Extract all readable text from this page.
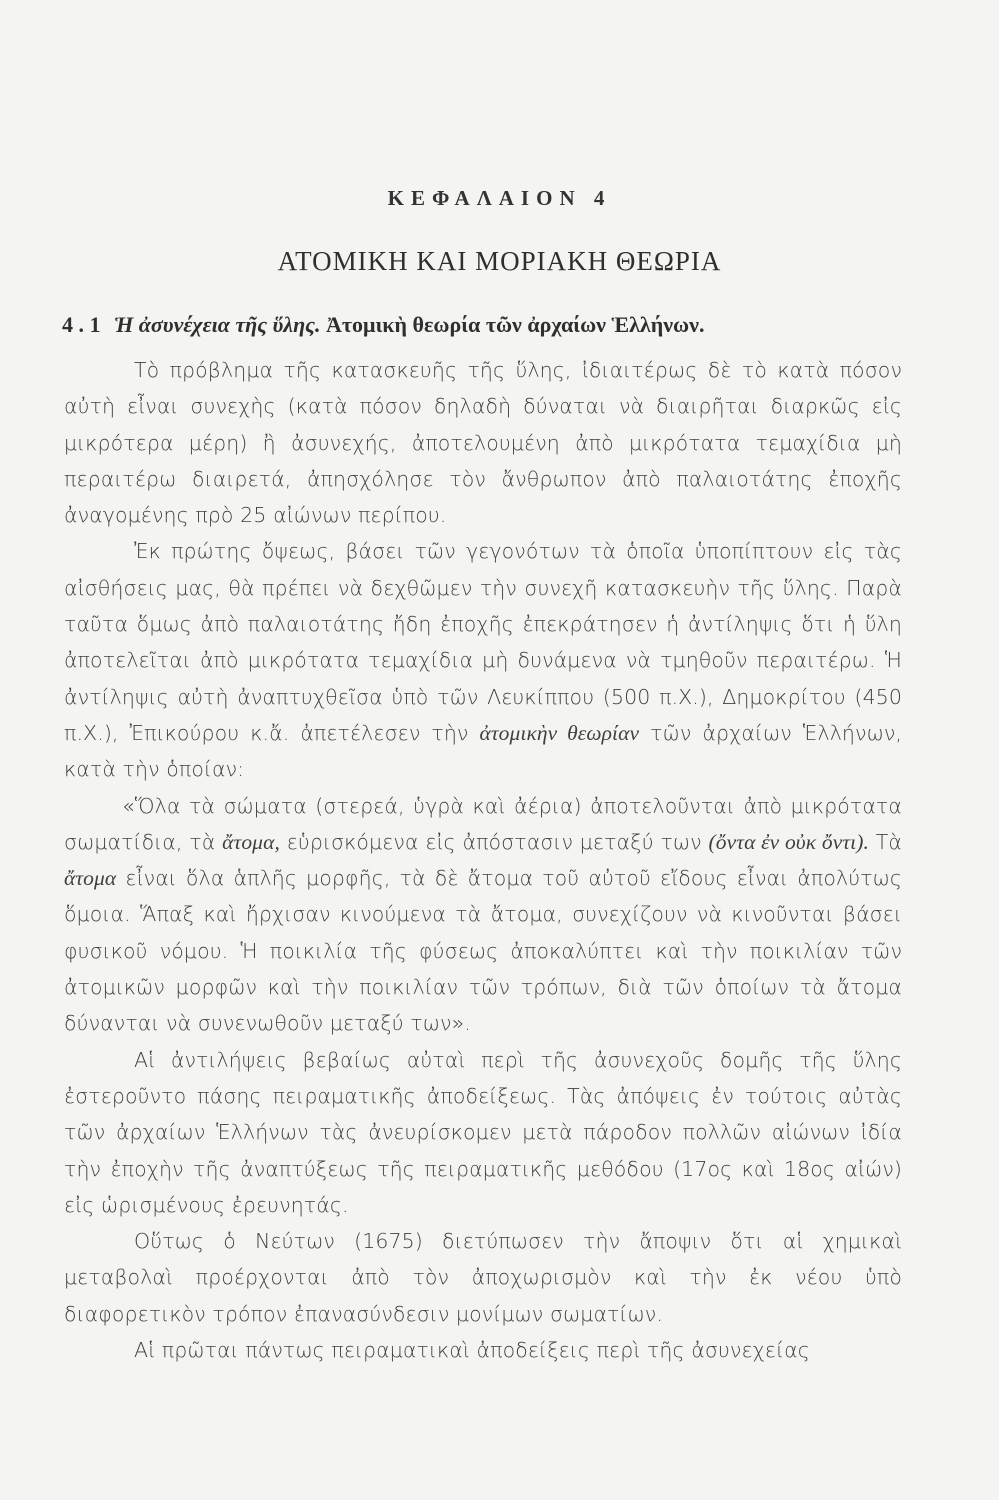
ΚΕΦΑΛΑΙΟΝ 4
ΑΤΟΜΙΚΗ ΚΑΙ ΜΟΡΙΑΚΗ ΘΕΩΡΙΑ
4 . 1 Ἡ ἀσυνέχεια τῆς ὕλης. Ἀτομικὴ θεωρία τῶν ἀρχαίων Ἑλλήνων.

Τὸ πρόβλημα τῆς κατασκευῆς τῆς ὕλης, ἰδιαιτέρως δὲ τὸ κατὰ πόσον αὐτὴ εἶναι συνεχὴς (κατὰ πόσον δηλαδὴ δύναται νὰ διαιρῆται διαρκῶς εἰς μικρότερα μέρη) ἢ ἀσυνεχής, ἀποτελουμένη ἀπὸ μικρότατα τεμαχίδια μὴ περαιτέρω διαιρετά, ἀπησχόλησε τὸν ἄνθρωπον ἀπὸ παλαιοτάτης ἐποχῆς ἀναγομένης πρὸ 25 αἰώνων περίπου.

Ἐκ πρώτης ὄψεως, βάσει τῶν γεγονότων τὰ ὁποῖα ὑποπίπτουν εἰς τὰς αἰσθήσεις μας, θὰ πρέπει νὰ δεχθῶμεν τὴν συνεχῆ κατασκευὴν τῆς ὕλης. Παρὰ ταῦτα ὅμως ἀπὸ παλαιοτάτης ἤδη ἐποχῆς ἐπεκράτησεν ἡ ἀντίληψις ὅτι ἡ ὕλη ἀποτελεῖται ἀπὸ μικρότατα τεμαχίδια μὴ δυνάμενα νὰ τμηθοῦν περαιτέρω. Ἡ ἀντίληψις αὐτὴ ἀναπτυχθεῖσα ὑπὸ τῶν Λευκίππου (500 π.Χ.), Δημοκρίτου (450 π.Χ.), Ἐπικούρου κ.ἄ. ἀπετέλεσεν τὴν ἀτομικὴν θεωρίαν τῶν ἀρχαίων Ἑλλήνων, κατὰ τὴν ὁποίαν:

«Ὅλα τὰ σώματα (στερεά, ὑγρὰ καὶ ἀέρια) ἀποτελοῦνται ἀπὸ μικρότατα σωματίδια, τὰ ἄτομα, εὑρισκόμενα εἰς ἀπόστασιν μεταξύ των (ὄντα ἐν οὐκ ὄντι). Τὰ ἄτομα εἶναι ὅλα ἁπλῆς μορφῆς, τὰ δὲ ἄτομα τοῦ αὐτοῦ εἴδους εἶναι ἀπολύτως ὅμοια. Ἅπαξ καὶ ἤρχισαν κινούμενα τὰ ἄτομα, συνεχίζουν νὰ κινοῦνται βάσει φυσικοῦ νόμου. Ἡ ποικιλία τῆς φύσεως ἀποκαλύπτει καὶ τὴν ποικιλίαν τῶν ἀτομικῶν μορφῶν καὶ τὴν ποικιλίαν τῶν τρόπων, διὰ τῶν ὁποίων τὰ ἄτομα δύνανται νὰ συνενωθοῦν μεταξύ των».

Αἱ ἀντιλήψεις βεβαίως αὐταὶ περὶ τῆς ἀσυνεχοῦς δομῆς τῆς ὕλης ἐστεροῦντο πάσης πειραματικῆς ἀποδείξεως. Τὰς ἀπόψεις ἐν τούτοις αὐτὰς τῶν ἀρχαίων Ἑλλήνων τὰς ἀνευρίσκομεν μετὰ πάροδον πολλῶν αἰώνων ἰδία τὴν ἐποχὴν τῆς ἀναπτύξεως τῆς πειραματικῆς μεθόδου (17ος καὶ 18ος αἰών) εἰς ὡρισμένους ἐρευνητάς.

Οὕτως ὁ Νεύτων (1675) διετύπωσεν τὴν ἄποψιν ὅτι αἱ χημικαὶ μεταβολαὶ προέρχονται ἀπὸ τὸν ἀποχωρισμὸν καὶ τὴν ἐκ νέου ὑπὸ διαφορετικὸν τρόπον ἐπανασύνδεσιν μονίμων σωματίων.

Αἱ πρῶται πάντως πειραματικαὶ ἀποδείξεις περὶ τῆς ἀσυνεχείας
